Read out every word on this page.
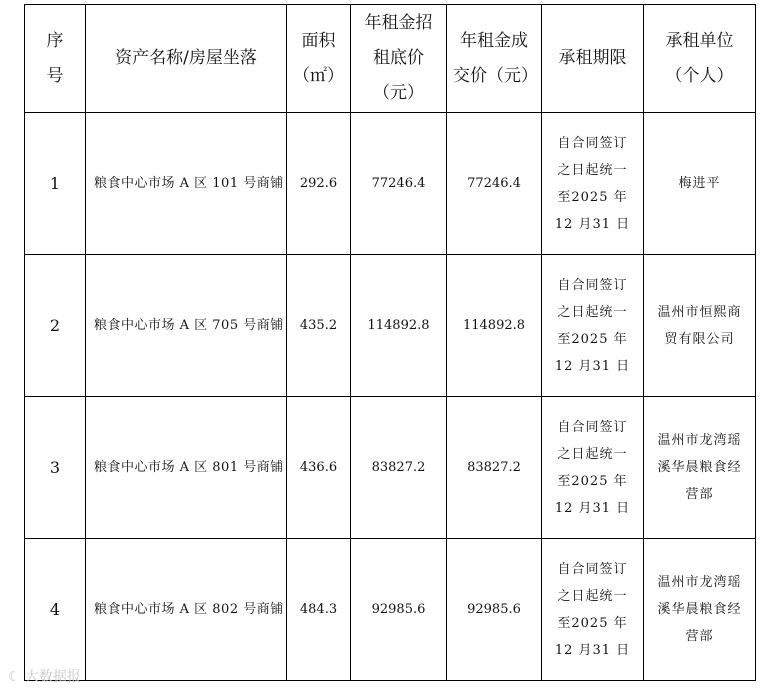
序号	资产名称/房屋坐落	面积（㎡）	年租金招租底价（元）	年租金成交价（元）	承租期限	承租单位（个人）
1	粮食中心市场 A 区 101 号商铺	292.6	77246.4	77246.4	自合同签订之日起统一至2025 年 12 月31 日	梅进平
2	粮食中心市场 A 区 705 号商铺	435.2	114892.8	114892.8	自合同签订之日起统一至2025 年 12 月31 日	温州市恒熙商贸有限公司
3	粮食中心市场 A 区 801 号商铺	436.6	83827.2	83827.2	自合同签订之日起统一至2025 年 12 月31 日	温州市龙湾瑶溪华晨粮食经营部
4	粮食中心市场 A 区 802 号商铺	484.3	92985.6	92985.6	自合同签订之日起统一至2025 年 12 月31 日	温州市龙湾瑶溪华晨粮食经营部
☾ 大数据报
